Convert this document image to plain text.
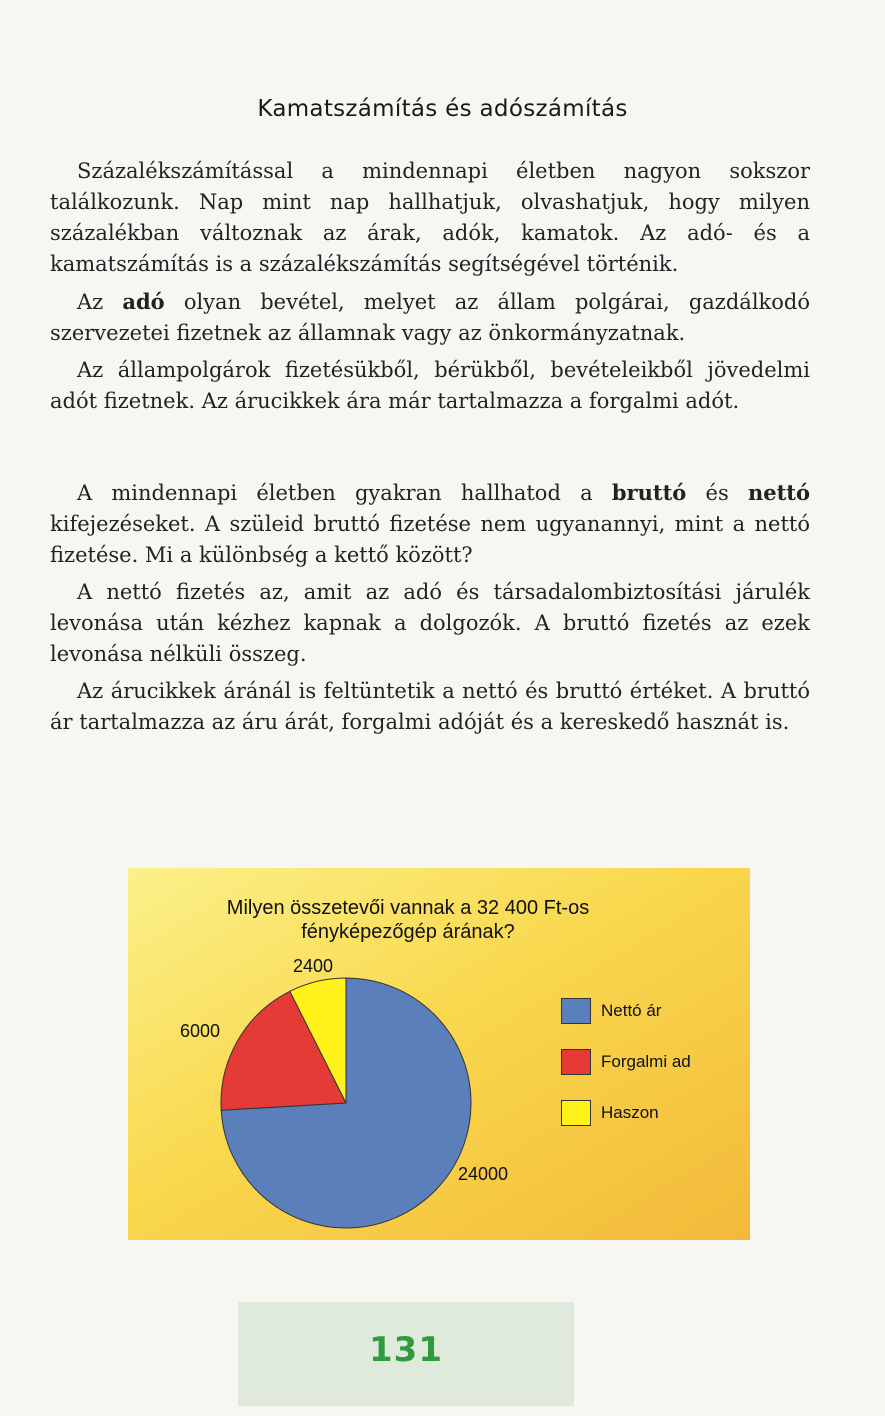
Kamatszámítás és adószámítás

Százalékszámítással a mindennapi életben nagyon sokszor találkozunk. Nap mint nap hallhatjuk, olvashatjuk, hogy milyen százalékban változnak az árak, adók, kamatok. Az adó- és a kamatszámítás is a százalékszámítás segítségével történik.

Az adó olyan bevétel, melyet az állam polgárai, gazdálkodó szervezetei fizetnek az államnak vagy az önkormányzatnak.

Az állampolgárok fizetésükből, bérükből, bevételeikből jövedelmi adót fizetnek. Az árucikkek ára már tartalmazza a forgalmi adót.

A mindennapi életben gyakran hallhatod a bruttó és nettó kifejezéseket. A szüleid bruttó fizetése nem ugyanannyi, mint a nettó fizetése. Mi a különbség a kettő között?

A nettó fizetés az, amit az adó és társadalombiztosítási járulék levonása után kézhez kapnak a dolgozók. A bruttó fizetés az ezek levonása nélküli összeg.

Az árucikkek áránál is feltüntetik a nettó és bruttó értéket. A bruttó ár tartalmazza az áru árát, forgalmi adóját és a kereskedő hasznát is.

Milyen összetevői vannak a 32 400 Ft-os
fényképezőgép árának?
24000
6000
2400
Nettó ár
Forgalmi ad
Haszon
131
